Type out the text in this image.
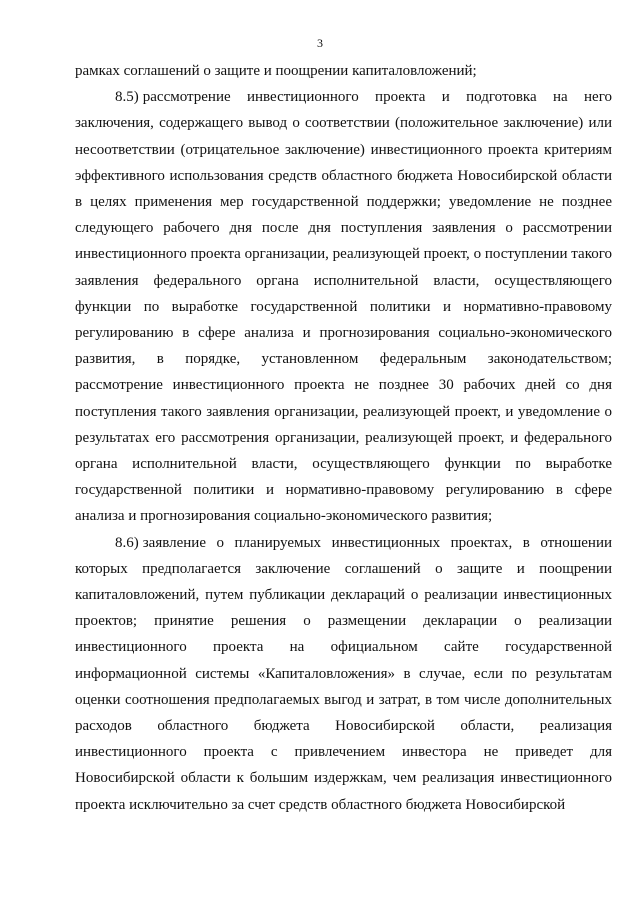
3

рамках соглашений о защите и поощрении капиталовложений;

8.5) рассмотрение инвестиционного проекта и подготовка на него заключения, содержащего вывод о соответствии (положительное заключение) или несоответствии (отрицательное заключение) инвестиционного проекта критериям эффективного использования средств областного бюджета Новосибирской области в целях применения мер государственной поддержки; уведомление не позднее следующего рабочего дня после дня поступления заявления о рассмотрении инвестиционного проекта организации, реализующей проект, о поступлении такого заявления федерального органа исполнительной власти, осуществляющего функции по выработке государственной политики и нормативно-правовому регулированию в сфере анализа и прогнозирования социально-экономического развития, в порядке, установленном федеральным законодательством; рассмотрение инвестиционного проекта не позднее 30 рабочих дней со дня поступления такого заявления организации, реализующей проект, и уведомление о результатах его рассмотрения организации, реализующей проект, и федерального органа исполнительной власти, осуществляющего функции по выработке государственной политики и нормативно-правовому регулированию в сфере анализа и прогнозирования социально-экономического развития;

8.6) заявление о планируемых инвестиционных проектах, в отношении которых предполагается заключение соглашений о защите и поощрении капиталовложений, путем публикации деклараций о реализации инвестиционных проектов; принятие решения о размещении декларации о реализации инвестиционного проекта на официальном сайте государственной информационной системы «Капиталовложения» в случае, если по результатам оценки соотношения предполагаемых выгод и затрат, в том числе дополнительных расходов областного бюджета Новосибирской области, реализация инвестиционного проекта с привлечением инвестора не приведет для Новосибирской области к большим издержкам, чем реализация инвестиционного проекта исключительно за счет средств областного бюджета Новосибирской
